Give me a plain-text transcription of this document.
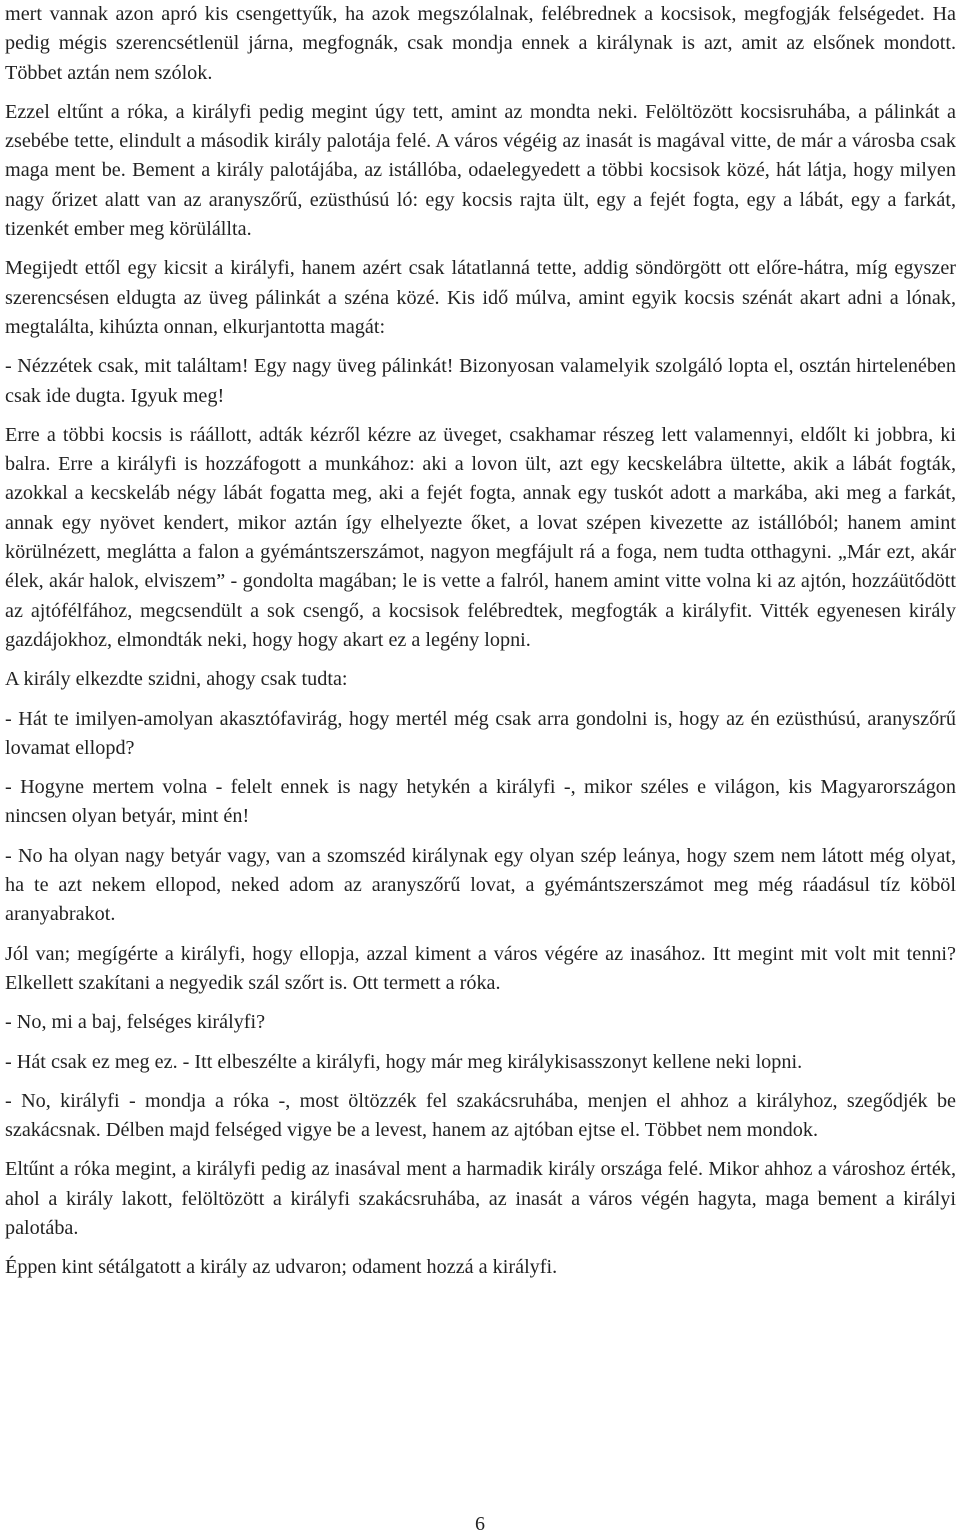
mert vannak azon apró kis csengettyűk, ha azok megszólalnak, felébrednek a kocsisok, megfogják felségedet. Ha pedig mégis szerencsétlenül járna, megfognák, csak mondja ennek a királynak is azt, amit az elsőnek mondott. Többet aztán nem szólok.

Ezzel eltűnt a róka, a királyfi pedig megint úgy tett, amint az mondta neki. Felöltözött kocsisruhába, a pálinkát a zsebébe tette, elindult a második király palotája felé. A város végéig az inasát is magával vitte, de már a városba csak maga ment be. Bement a király palotájába, az istállóba, odaelegyedett a többi kocsisok közé, hát látja, hogy milyen nagy őrizet alatt van az aranyszőrű, ezüsthúsú ló: egy kocsis rajta ült, egy a fejét fogta, egy a lábát, egy a farkát, tizenkét ember meg körülállta.

Megijedt ettől egy kicsit a királyfi, hanem azért csak látatlanná tette, addig söndörgött ott előre-hátra, míg egyszer szerencsésen eldugta az üveg pálinkát a széna közé. Kis idő múlva, amint egyik kocsis szénát akart adni a lónak, megtalálta, kihúzta onnan, elkurjantotta magát:

- Nézzétek csak, mit találtam! Egy nagy üveg pálinkát! Bizonyosan valamelyik szolgáló lopta el, osztán hirtelenében csak ide dugta. Igyuk meg!

Erre a többi kocsis is ráállott, adták kézről kézre az üveget, csakhamar részeg lett valamennyi, eldőlt ki jobbra, ki balra. Erre a királyfi is hozzáfogott a munkához: aki a lovon ült, azt egy kecskelábra ültette, akik a lábát fogták, azokkal a kecskeláb négy lábát fogatta meg, aki a fejét fogta, annak egy tuskót adott a markába, aki meg a farkát, annak egy nyövet kendert, mikor aztán így elhelyezte őket, a lovat szépen kivezette az istállóból; hanem amint körülnézett, meglátta a falon a gyémántszerszámot, nagyon megfájult rá a foga, nem tudta otthagyni. „Már ezt, akár élek, akár halok, elviszem” - gondolta magában; le is vette a falról, hanem amint vitte volna ki az ajtón, hozzáütődött az ajtófélfához, megcsendült a sok csengő, a kocsisok felébredtek, megfogták a királyfit. Vitték egyenesen király gazdájokhoz, elmondták neki, hogy hogy akart ez a legény lopni.

A király elkezdte szidni, ahogy csak tudta:

- Hát te imilyen-amolyan akasztófavirág, hogy mertél még csak arra gondolni is, hogy az én ezüsthúsú, aranyszőrű lovamat ellopd?

- Hogyne mertem volna - felelt ennek is nagy hetykén a királyfi -, mikor széles e világon, kis Magyarországon nincsen olyan betyár, mint én!

- No ha olyan nagy betyár vagy, van a szomszéd királynak egy olyan szép leánya, hogy szem nem látott még olyat, ha te azt nekem ellopod, neked adom az aranyszőrű lovat, a gyémántszerszámot meg még ráadásul tíz köböl aranyabrakot.

Jól van; megígérte a királyfi, hogy ellopja, azzal kiment a város végére az inasához. Itt megint mit volt mit tenni? Elkellett szakítani a negyedik szál szőrt is. Ott termett a róka.

- No, mi a baj, felséges királyfi?

- Hát csak ez meg ez. - Itt elbeszélte a királyfi, hogy már meg királykisasszonyt kellene neki lopni.

- No, királyfi - mondja a róka -, most öltözzék fel szakácsruhába, menjen el ahhoz a királyhoz, szegődjék be szakácsnak. Délben majd felséged vigye be a levest, hanem az ajtóban ejtse el. Többet nem mondok.

Eltűnt a róka megint, a királyfi pedig az inasával ment a harmadik király országa felé. Mikor ahhoz a városhoz érték, ahol a király lakott, felöltözött a királyfi szakácsruhába, az inasát a város végén hagyta, maga bement a királyi palotába.

Éppen kint sétálgatott a király az udvaron; odament hozzá a királyfi.

6
